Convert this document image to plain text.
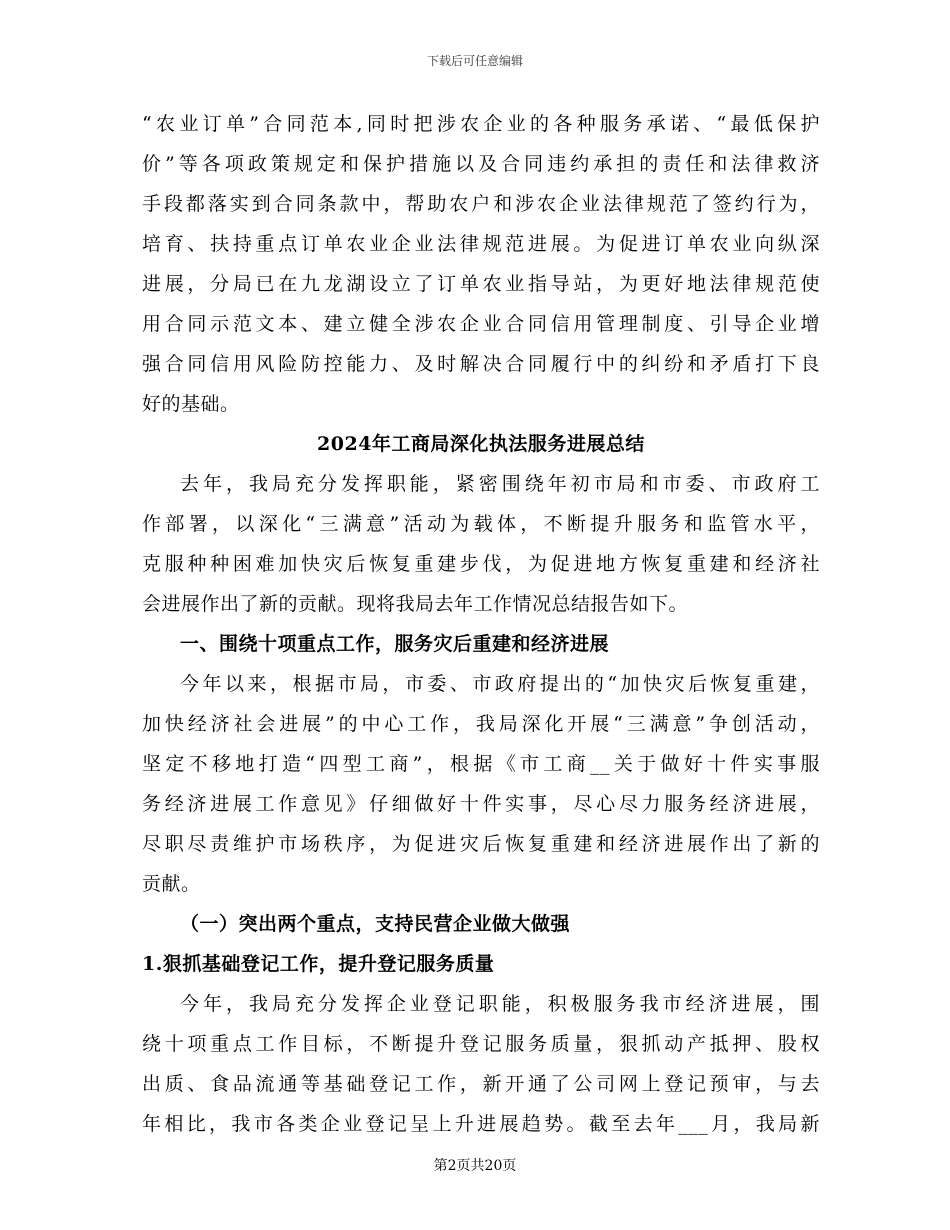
下载后可任意编辑
“农业订单”合同范本,同时把涉农企业的各种服务承诺、“最低保护
价”等各项政策规定和保护措施以及合同违约承担的责任和法律救济
手段都落实到合同条款中，帮助农户和涉农企业法律规范了签约行为，
培育、扶持重点订单农业企业法律规范进展。为促进订单农业向纵深
进展，分局已在九龙湖设立了订单农业指导站，为更好地法律规范使
用合同示范文本、建立健全涉农企业合同信用管理制度、引导企业增
强合同信用风险防控能力、及时解决合同履行中的纠纷和矛盾打下良
好的基础。
2024年工商局深化执法服务进展总结
去年，我局充分发挥职能，紧密围绕年初市局和市委、市政府工
作部署，以深化“三满意”活动为载体，不断提升服务和监管水平，
克服种种困难加快灾后恢复重建步伐，为促进地方恢复重建和经济社
会进展作出了新的贡献。现将我局去年工作情况总结报告如下。
一、围绕十项重点工作，服务灾后重建和经济进展
今年以来，根据市局，市委、市政府提出的“加快灾后恢复重建，
加快经济社会进展”的中心工作，我局深化开展“三满意”争创活动，
坚定不移地打造“四型工商”，根据《市工商__关于做好十件实事服
务经济进展工作意见》仔细做好十件实事，尽心尽力服务经济进展，
尽职尽责维护市场秩序，为促进灾后恢复重建和经济进展作出了新的
贡献。
（一）突出两个重点，支持民营企业做大做强
1.狠抓基础登记工作，提升登记服务质量
今年，我局充分发挥企业登记职能，积极服务我市经济进展，围
绕十项重点工作目标，不断提升登记服务质量，狠抓动产抵押、股权
出质、食品流通等基础登记工作，新开通了公司网上登记预审，与去
年相比，我市各类企业登记呈上升进展趋势。截至去年___月，我局新
第2页共20页
